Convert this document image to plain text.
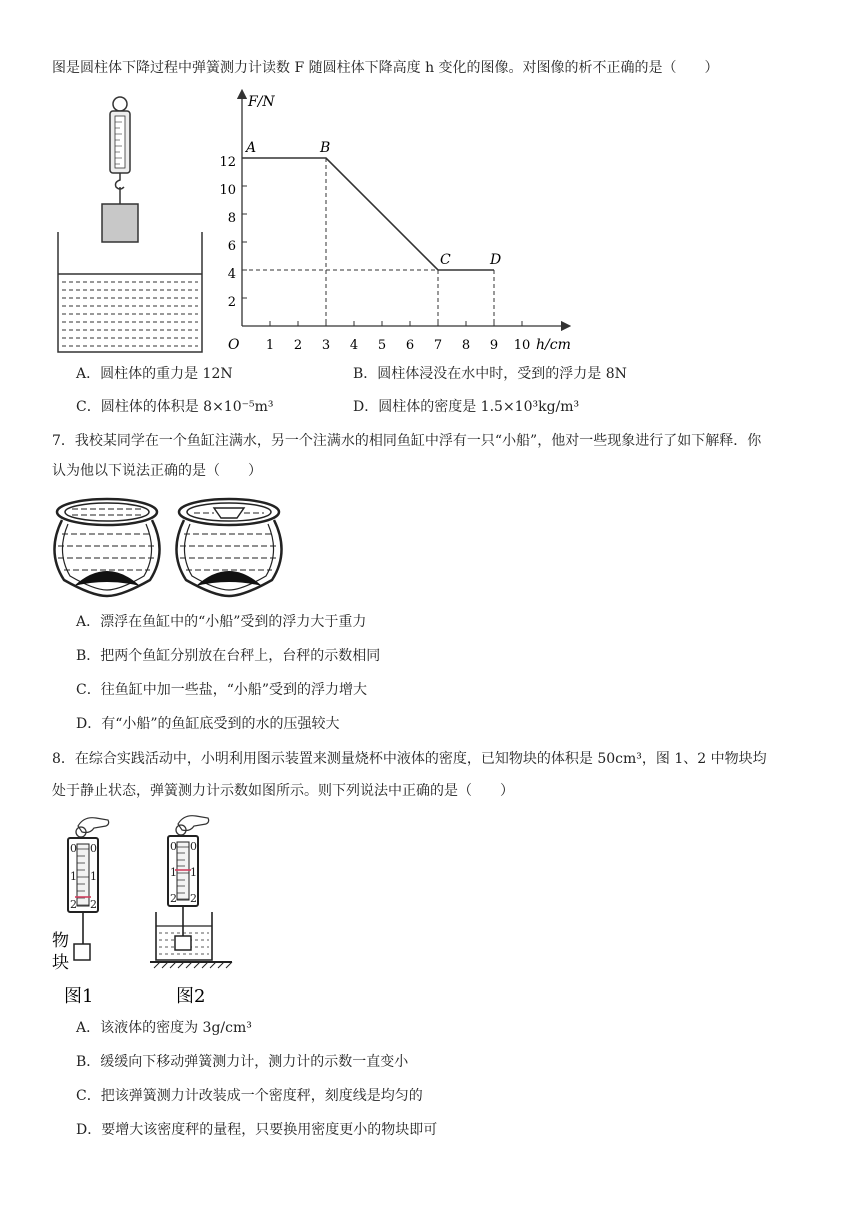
图是圆柱体下降过程中弹簧测力计读数 F 随圆柱体下降高度 h 变化的图像。对图像的析不正确的是（　　）
F/N
h/cm
O
2
4
6
8
10
12
1 2 3 4 5 6 7 8 9 10
A	B
C	D
A．圆柱体的重力是 12N	B．圆柱体浸没在水中时，受到的浮力是 8N
C．圆柱体的体积是 8×10⁻⁵m³	D．圆柱体的密度是 1.5×10³kg/m³
7．我校某同学在一个鱼缸注满水，另一个注满水的相同鱼缸中浮有一只“小船”，他对一些现象进行了如下解释．你
认为他以下说法正确的是（　　）
A．漂浮在鱼缸中的“小船”受到的浮力大于重力
B．把两个鱼缸分别放在台秤上，台秤的示数相同
C．往鱼缸中加一些盐，“小船”受到的浮力增大
D．有“小船”的鱼缸底受到的水的压强较大
8．在综合实践活动中，小明利用图示装置来测量烧杯中液体的密度，已知物块的体积是 50cm³，图 1、2 中物块均
处于静止状态，弹簧测力计示数如图所示。则下列说法中正确的是（　　）
0 0
1 1
2 2
物
块
图1
0 0
1 1
2 2
图2
A．该液体的密度为 3g/cm³
B．缓缓向下移动弹簧测力计，测力计的示数一直变小
C．把该弹簧测力计改装成一个密度秤，刻度线是均匀的
D．要增大该密度秤的量程，只要换用密度更小的物块即可
